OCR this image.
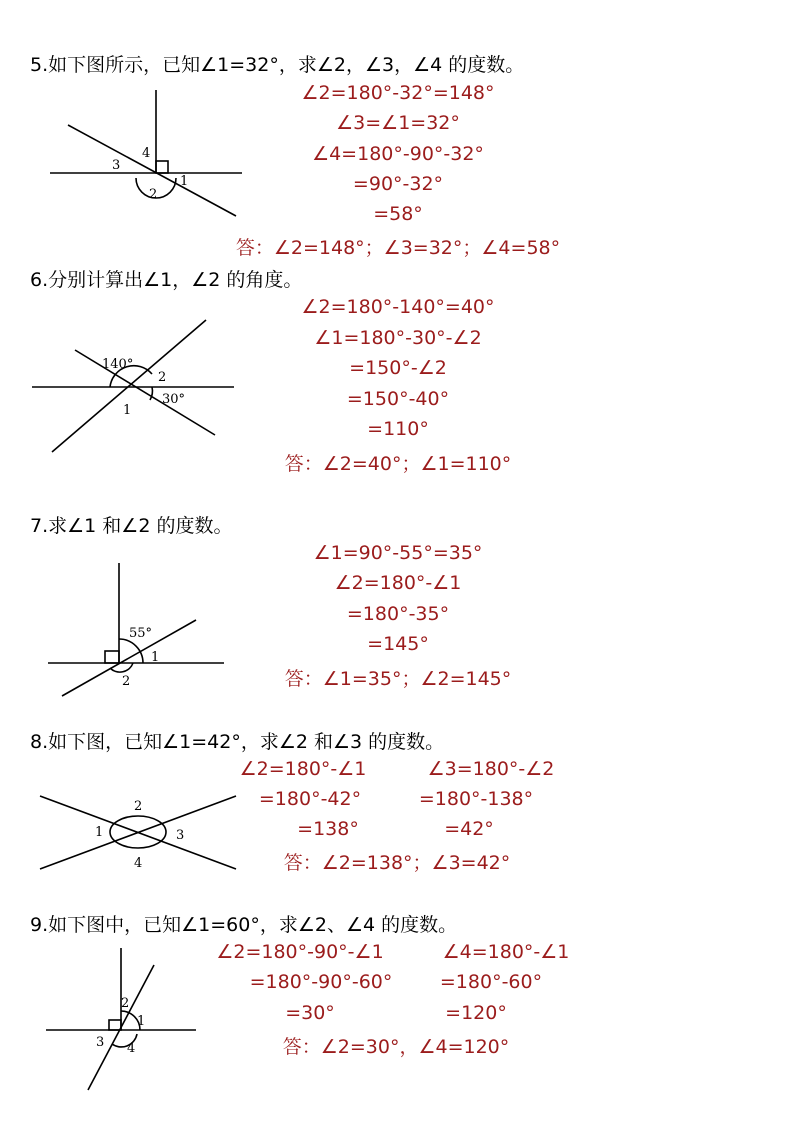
5.如下图所示，已知∠1=32°，求∠2，∠3，∠4 的度数。
∠2=180°-32°=148°
∠3=∠1=32°
∠4=180°-90°-32°
=90°-32°
=58°
答：∠2=148°；∠3=32°；∠4=58°
4
3
1
2
6.分别计算出∠1，∠2 的角度。
∠2=180°-140°=40°
∠1=180°-30°-∠2
=150°-∠2
=150°-40°
=110°
答：∠2=40°；∠1=110°
140°
2
30°
1
7.求∠1 和∠2 的度数。
∠1=90°-55°=35°
∠2=180°-∠1
=180°-35°
=145°
答：∠1=35°；∠2=145°
55°
1
2
8.如下图，已知∠1=42°，求∠2 和∠3 的度数。
∠2=180°-∠1
=180°-42°
=138°
∠3=180°-∠2
=180°-138°
=42°
答：∠2=138°；∠3=42°
2
1	3
4
9.如下图中，已知∠1=60°，求∠2、∠4 的度数。
∠2=180°-90°-∠1
=180°-90°-60°
=30°
∠4=180°-∠1
=180°-60°
=120°
答：∠2=30°，∠4=120°
2
1
3 4
